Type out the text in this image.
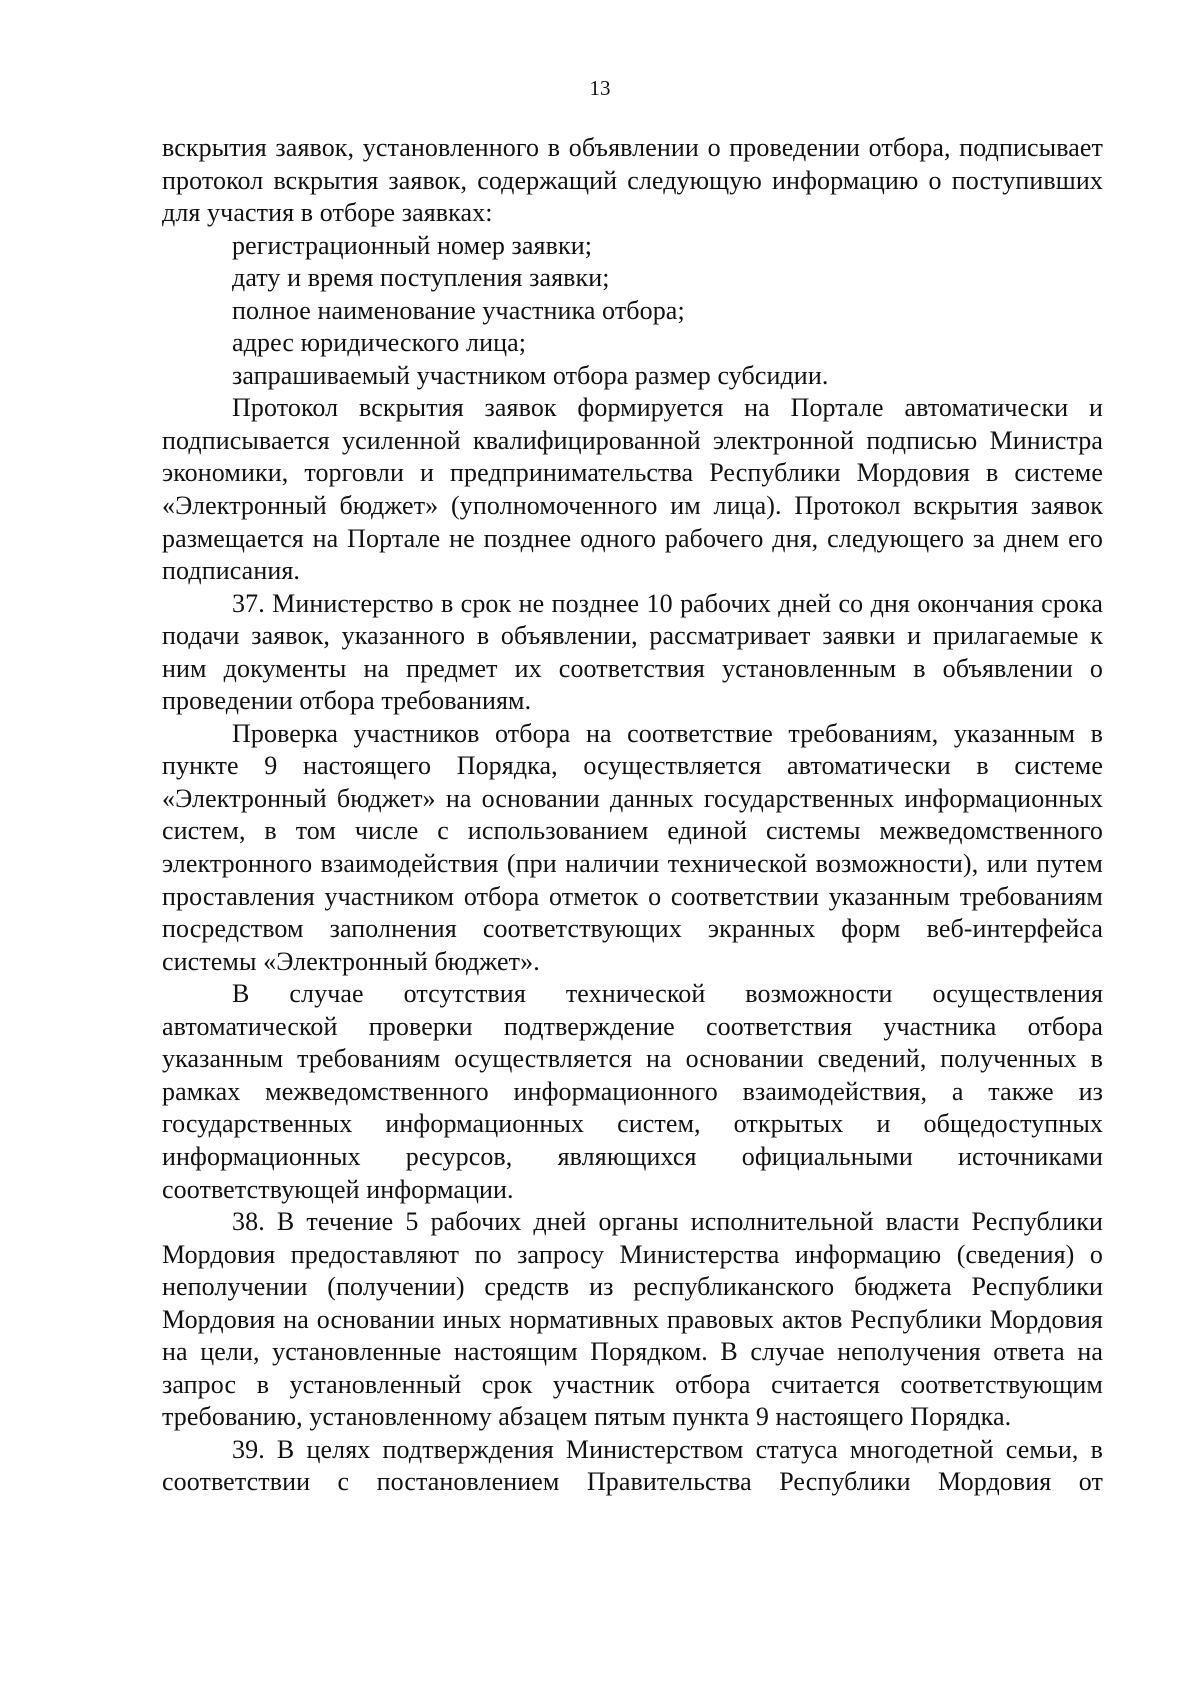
13

вскрытия заявок, установленного в объявлении о проведении отбора, подписывает протокол вскрытия заявок, содержащий следующую информацию о поступивших для участия в отборе заявках:

регистрационный номер заявки;

дату и время поступления заявки;

полное наименование участника отбора;

адрес юридического лица;

запрашиваемый участником отбора размер субсидии.

Протокол вскрытия заявок формируется на Портале автоматически и подписывается усиленной квалифицированной электронной подписью Министра экономики, торговли и предпринимательства Республики Мордовия в системе «Электронный бюджет» (уполномоченного им лица). Протокол вскрытия заявок размещается на Портале не позднее одного рабочего дня, следующего за днем его подписания.

37. Министерство в срок не позднее 10 рабочих дней со дня окончания срока подачи заявок, указанного в объявлении, рассматривает заявки и прилагаемые к ним документы на предмет их соответствия установленным в объявлении о проведении отбора требованиям.

Проверка участников отбора на соответствие требованиям, указанным в пункте 9 настоящего Порядка, осуществляется автоматически в системе «Электронный бюджет» на основании данных государственных информационных систем, в том числе с использованием единой системы межведомственного электронного взаимодействия (при наличии технической возможности), или путем проставления участником отбора отметок о соответствии указанным требованиям посредством заполнения соответствующих экранных форм веб-интерфейса системы «Электронный бюджет».

В случае отсутствия технической возможности осуществления автоматической проверки подтверждение соответствия участника отбора указанным требованиям осуществляется на основании сведений, полученных в рамках межведомственного информационного взаимодействия, а также из государственных информационных систем, открытых и общедоступных информационных ресурсов, являющихся официальными источниками соответствующей информации.

38. В течение 5 рабочих дней органы исполнительной власти Республики Мордовия предоставляют по запросу Министерства информацию (сведения) о неполучении (получении) средств из республиканского бюджета Республики Мордовия на основании иных нормативных правовых актов Республики Мордовия на цели, установленные настоящим Порядком. В случае неполучения ответа на запрос в установленный срок участник отбора считается соответствующим требованию, установленному абзацем пятым пункта 9 настоящего Порядка.

39. В целях подтверждения Министерством статуса многодетной семьи, в соответствии с постановлением Правительства Республики Мордовия от
